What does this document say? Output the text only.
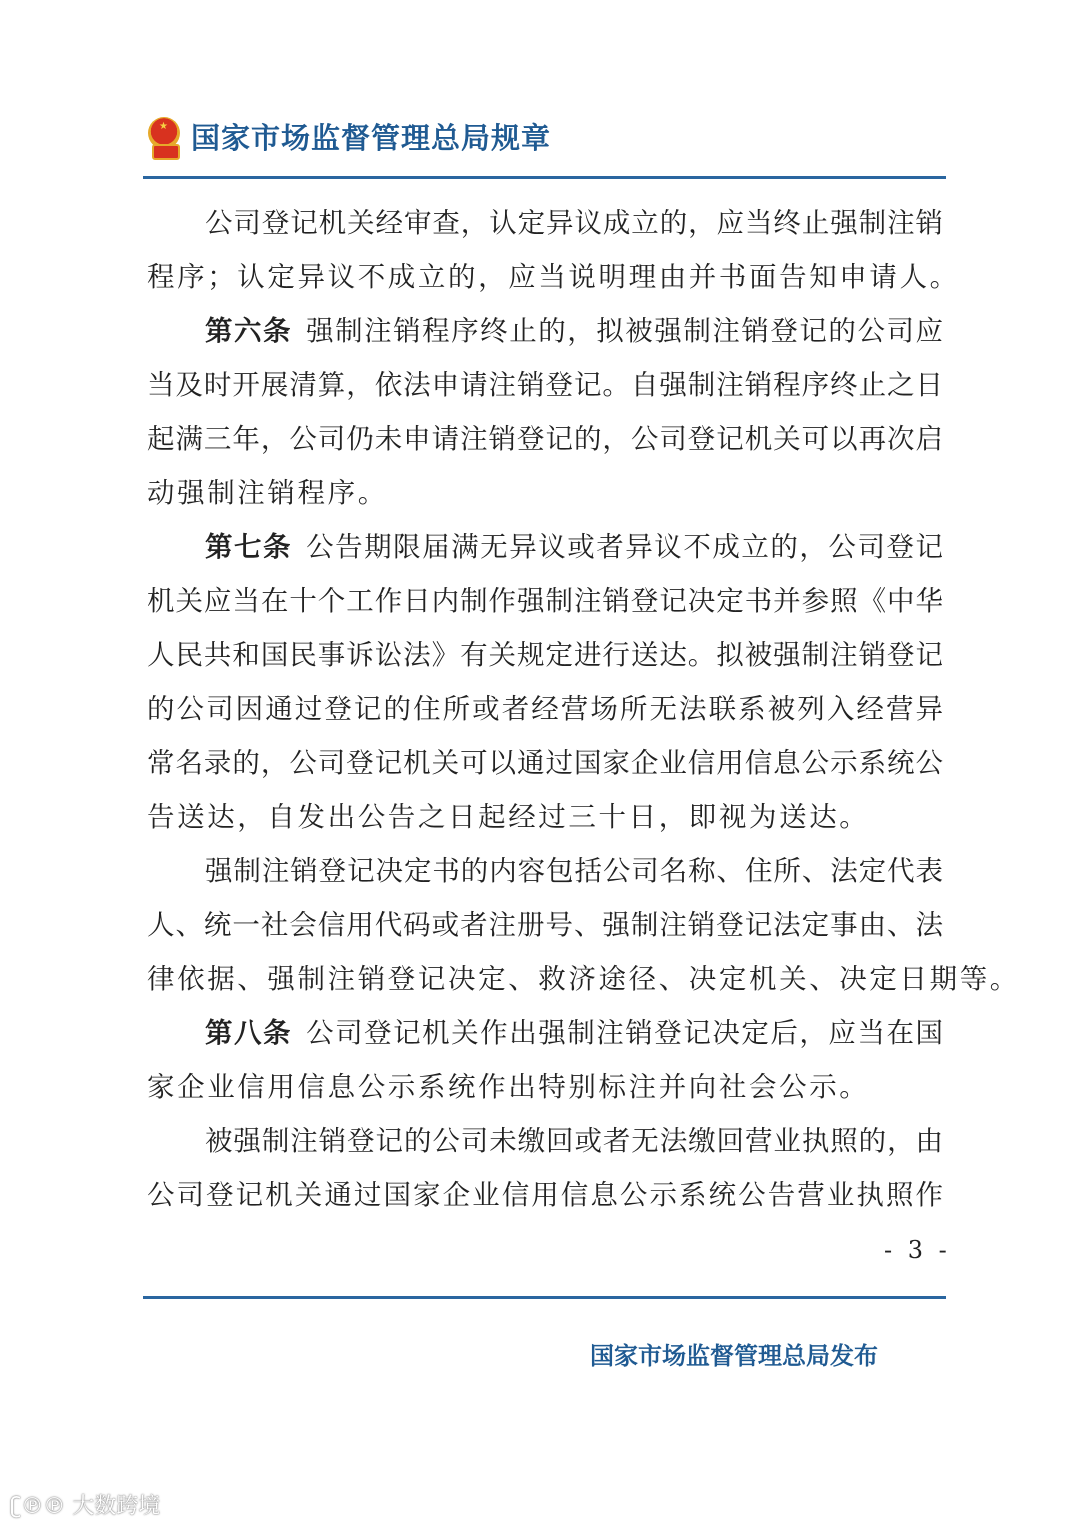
★ 国家市场监督管理总局规章
公司登记机关经审查，认定异议成立的，应当终止强制注销
程序；认定异议不成立的，应当说明理由并书面告知申请人。
第六条 强制注销程序终止的，拟被强制注销登记的公司应
当及时开展清算，依法申请注销登记。自强制注销程序终止之日
起满三年，公司仍未申请注销登记的，公司登记机关可以再次启
动强制注销程序。
第七条 公告期限届满无异议或者异议不成立的，公司登记
机关应当在十个工作日内制作强制注销登记决定书并参照《中华
人民共和国民事诉讼法》有关规定进行送达。拟被强制注销登记
的公司因通过登记的住所或者经营场所无法联系被列入经营异
常名录的，公司登记机关可以通过国家企业信用信息公示系统公
告送达，自发出公告之日起经过三十日，即视为送达。
强制注销登记决定书的内容包括公司名称、住所、法定代表
人、统一社会信用代码或者注册号、强制注销登记法定事由、法
律依据、强制注销登记决定、救济途径、决定机关、决定日期等。
第八条 公司登记机关作出强制注销登记决定后，应当在国
家企业信用信息公示系统作出特别标注并向社会公示。
被强制注销登记的公司未缴回或者无法缴回营业执照的，由
公司登记机关通过国家企业信用信息公示系统公告营业执照作
- 3 -
国家市场监督管理总局发布
ʗ℗℗ 大数跨境
